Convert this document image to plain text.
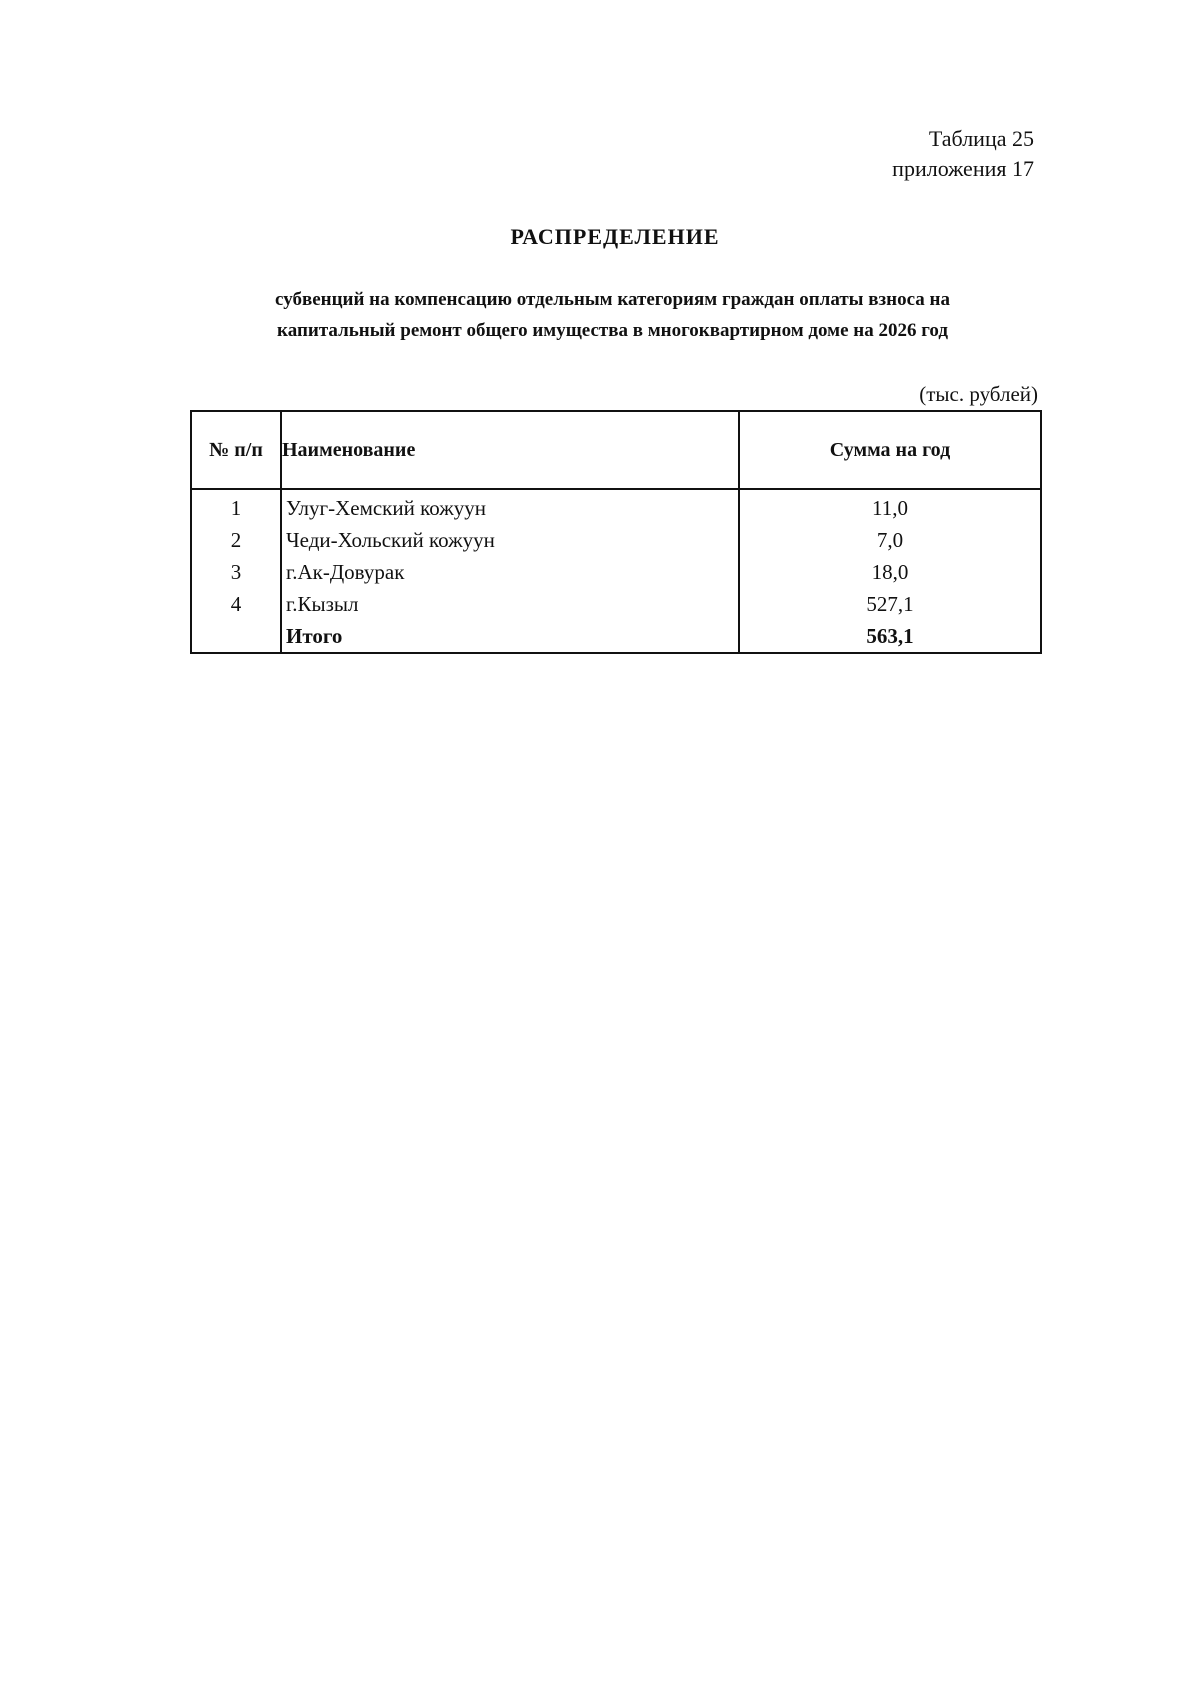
Таблица 25
приложения 17
РАСПРЕДЕЛЕНИЕ
субвенций на компенсацию отдельным категориям граждан оплаты взноса на
капитальный ремонт общего имущества в многоквартирном доме на 2026 год
(тыс. рублей)
№ п/п	Наименование	Сумма на год
1	Улуг-Хемский кожуун	11,0
2	Чеди-Хольский кожуун	7,0
3	г.Ак-Довурак	18,0
4	г.Кызыл	527,1
	Итого	563,1
